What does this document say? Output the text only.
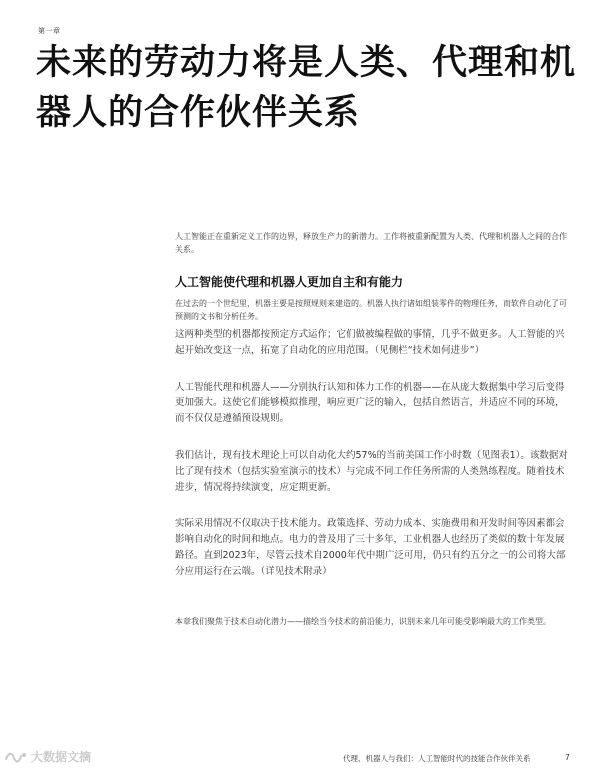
第一章
未来的劳动力将是人类、代理和机器人的合作伙伴关系

人工智能正在重新定义工作的边界，释放生产力的新潜力。工作将被重新配置为人类、代理和机器人之间的合作关系。

人工智能使代理和机器人更加自主和有能力

在过去的一个世纪里，机器主要是按照规则来建造的。机器人执行诸如组装零件的物理任务，而软件自动化了可预测的文书和分析任务。

这两种类型的机器都按预定方式运作；它们做被编程做的事情，几乎不做更多。人工智能的兴起开始改变这一点，拓宽了自动化的应用范围。（见侧栏“技术如何进步”）

人工智能代理和机器人——分别执行认知和体力工作的机器——在从庞大数据集中学习后变得更加强大。这使它们能够模拟推理，响应更广泛的输入，包括自然语言，并适应不同的环境，而不仅仅是遵循预设规则。

我们估计，现有技术理论上可以自动化大约57%的当前美国工作小时数（见图表1）。该数据对比了现有技术（包括实验室演示的技术）与完成不同工作任务所需的人类熟练程度。随着技术进步，情况将持续演变，应定期更新。

实际采用情况不仅取决于技术能力。政策选择、劳动力成本、实施费用和开发时间等因素都会影响自动化的时间和地点。电力的普及用了三十多年，工业机器人也经历了类似的数十年发展路径。直到2023年，尽管云技术自2000年代中期广泛可用，仍只有约五分之一的公司将大部分应用运行在云端。（详见技术附录）

本章我们聚焦于技术自动化潜力——描绘当今技术的前沿能力，识别未来几年可能受影响最大的工作类型。

大数据文摘	代理、机器人与我们：人工智能时代的技能合作伙伴关系	7
